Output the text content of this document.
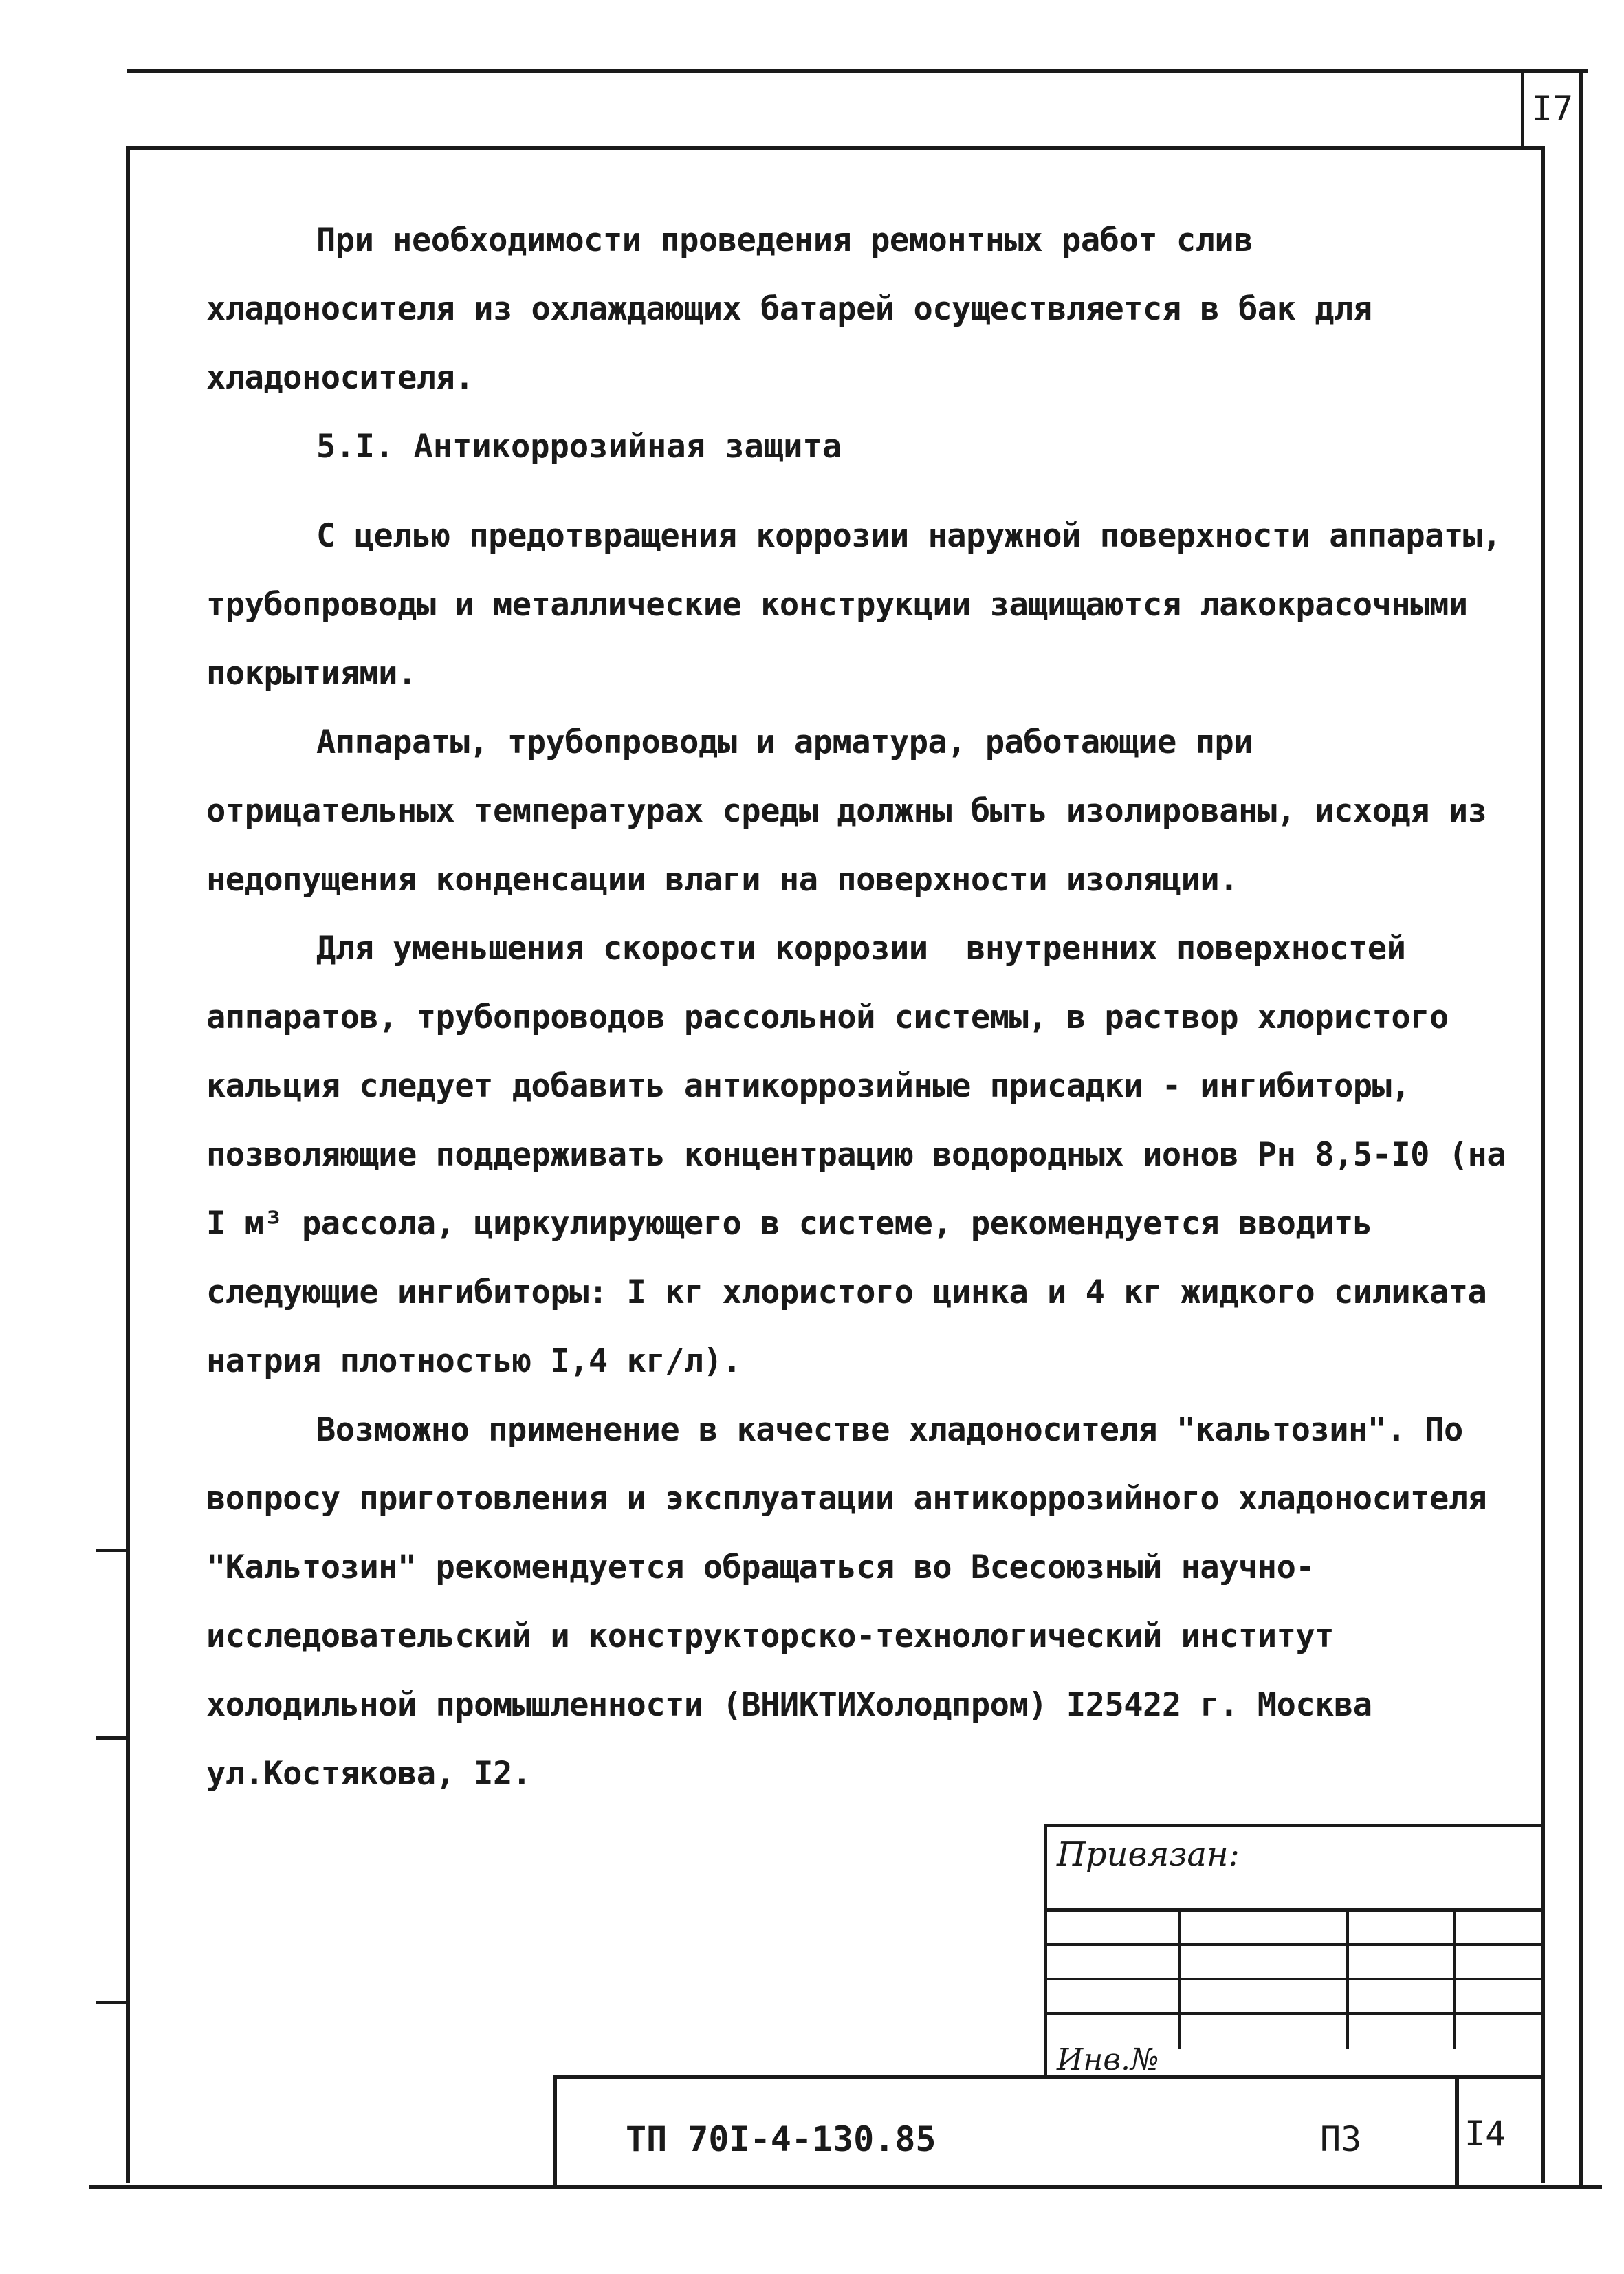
I7

При необходимости проведения ремонтных работ слив хладоносителя из охлаждающих батарей осуществляется в бак для хладоносителя.

5.I. Антикоррозийная защита

С целью предотвращения коррозии наружной поверхности аппараты, трубопроводы и металлические конструкции защищаются лакокрасочными покрытиями.

Аппараты, трубопроводы и арматура, работающие при отрицательных температурах среды должны быть изолированы, исходя из недопущения конденсации влаги на поверхности изоляции.

Для уменьшения скорости коррозии  внутренних поверхностей аппаратов, трубопроводов рассольной системы, в раствор хлористого кальция следует добавить антикоррозийные присадки - ингибиторы, позволяющие поддерживать концентрацию водородных ионов Рн 8,5-I0 (на I м³ рассола, циркулирующего в системе, рекомендуется вводить следующие ингибиторы: I кг хлористого цинка и 4 кг жидкого силиката натрия плотностью I,4 кг/л).

Возможно применение в качестве хладоносителя "кальтозин". По вопросу приготовления и эксплуатации антикоррозийного хладоносителя "Кальтозин" рекомендуется обращаться во Всесоюзный научно-исследовательский и конструкторско-технологический институт холодильной промышленности (ВНИКТИХолодпром) I25422 г. Москва ул.Костякова, I2.

Привязан:
Инв.№
ТП 70I-4-130.85	ПЗ	I4
